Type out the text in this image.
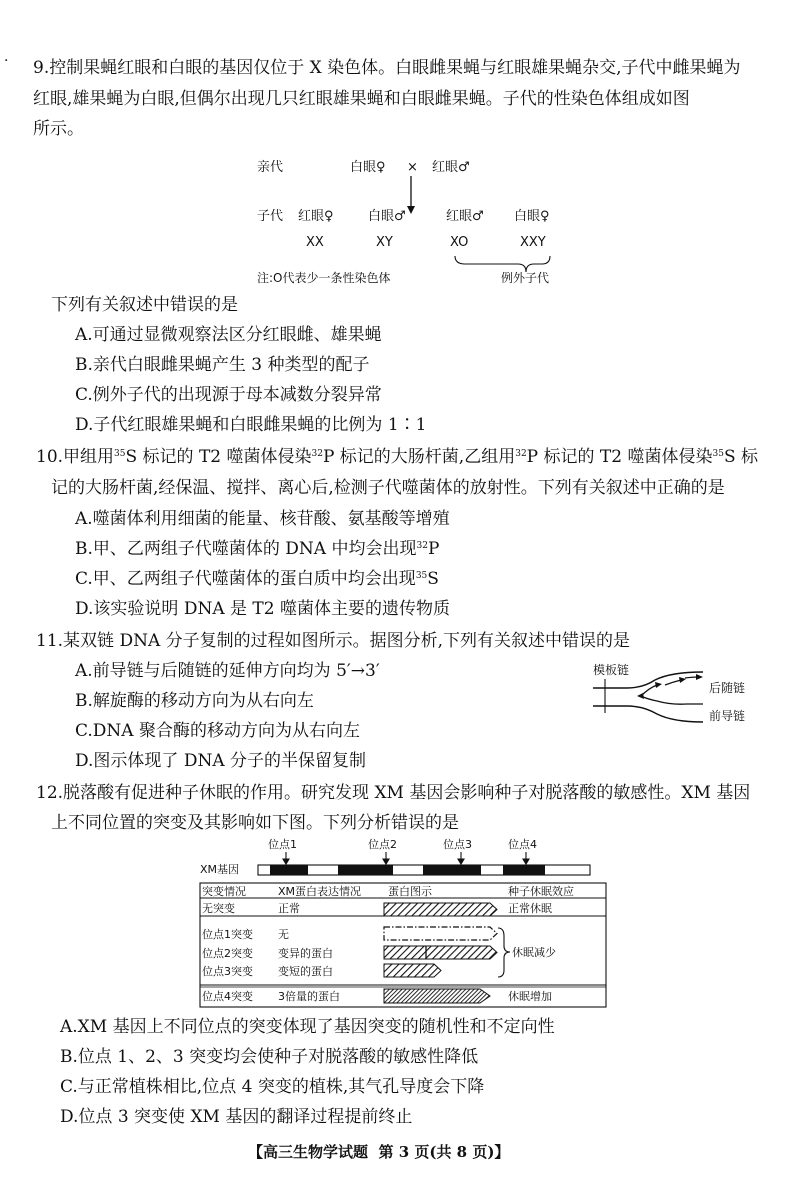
· 9.控制果蝇红眼和白眼的基因仅位于 X 染色体。白眼雌果蝇与红眼雄果蝇杂交,子代中雌果蝇为
红眼,雄果蝇为白眼,但偶尔出现几只红眼雄果蝇和白眼雌果蝇。子代的性染色体组成如图
所示。
亲代	白眼♀ × 红眼♂
子代 红眼♀
XX
白眼♂
XY
红眼♂
XO
白眼♀
XXY
注:O代表少一条性染色体	例外子代
下列有关叙述中错误的是
A.可通过显微观察法区分红眼雌、雄果蝇
B.亲代白眼雌果蝇产生 3 种类型的配子
C.例外子代的出现源于母本减数分裂异常
D.子代红眼雄果蝇和白眼雌果蝇的比例为 1∶1
10.甲组用$^{35}$S 标记的 T2 噬菌体侵染$^{32}$P 标记的大肠杆菌,乙组用$^{32}$P 标记的 T2 噬菌体侵染$^{35}$S 标
记的大肠杆菌,经保温、搅拌、离心后,检测子代噬菌体的放射性。下列有关叙述中正确的是
A.噬菌体利用细菌的能量、核苷酸、氨基酸等增殖
B.甲、乙两组子代噬菌体的 DNA 中均会出现$^{32}$P
C.甲、乙两组子代噬菌体的蛋白质中均会出现$^{35}$S
D.该实验说明 DNA 是 T2 噬菌体主要的遗传物质
11.某双链 DNA 分子复制的过程如图所示。据图分析,下列有关叙述中错误的是
A.前导链与后随链的延伸方向均为 5′→3′
B.解旋酶的移动方向为从右向左
C.DNA 聚合酶的移动方向为从右向左
D.图示体现了 DNA 分子的半保留复制
模板链
后随链
前导链
12.脱落酸有促进种子休眠的作用。研究发现 XM 基因会影响种子对脱落酸的敏感性。XM 基因
上不同位置的突变及其影响如下图。下列分析错误的是
位点1	位点2	位点3	位点4
XM基因
突变情况	XM蛋白表达情况 蛋白图示	种子休眠效应
无突变	正常	正常休眠
位点1突变 无
位点2突变 变异的蛋白
位点3突变 变短的蛋白
休眠减少
位点4突变 3倍量的蛋白	休眠增加
A.XM 基因上不同位点的突变体现了基因突变的随机性和不定向性
B.位点 1、2、3 突变均会使种子对脱落酸的敏感性降低
C.与正常植株相比,位点 4 突变的植株,其气孔导度会下降
D.位点 3 突变使 XM 基因的翻译过程提前终止
【高三生物学试题 第 3 页(共 8 页)】
